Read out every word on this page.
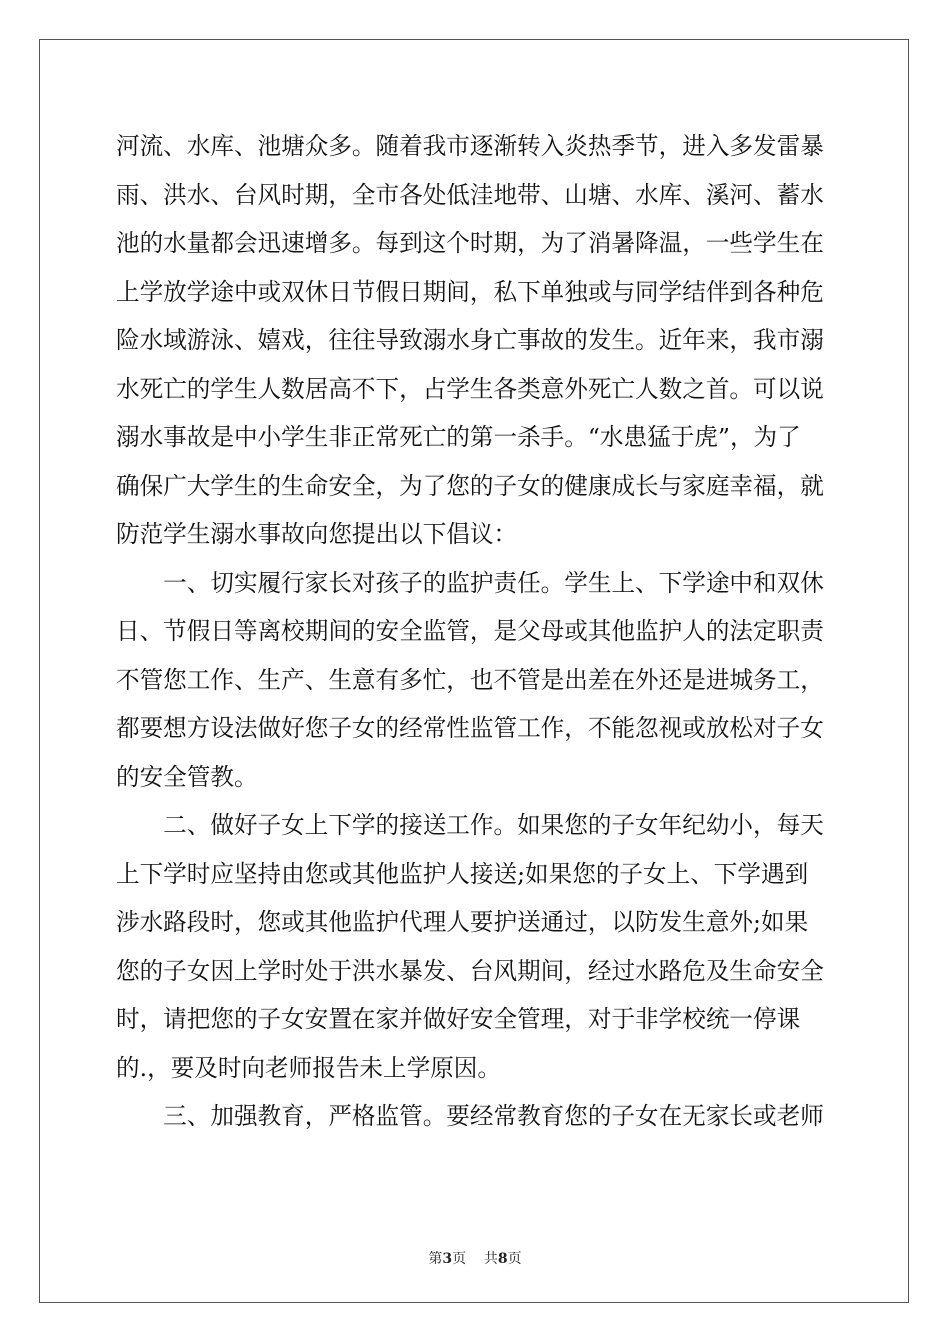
河流、水库、池塘众多。随着我市逐渐转入炎热季节，进入多发雷暴
雨、洪水、台风时期，全市各处低洼地带、山塘、水库、溪河、蓄水
池的水量都会迅速增多。每到这个时期，为了消暑降温，一些学生在
上学放学途中或双休日节假日期间，私下单独或与同学结伴到各种危
险水域游泳、嬉戏，往往导致溺水身亡事故的发生。近年来，我市溺
水死亡的学生人数居高不下，占学生各类意外死亡人数之首。可以说
溺水事故是中小学生非正常死亡的第一杀手。“水患猛于虎”，为了
确保广大学生的生命安全，为了您的子女的健康成长与家庭幸福，就
防范学生溺水事故向您提出以下倡议：
　　一、切实履行家长对孩子的监护责任。学生上、下学途中和双休
日、节假日等离校期间的安全监管，是父母或其他监护人的法定职责
不管您工作、生产、生意有多忙，也不管是出差在外还是进城务工，
都要想方设法做好您子女的经常性监管工作，不能忽视或放松对子女
的安全管教。
　　二、做好子女上下学的接送工作。如果您的子女年纪幼小，每天
上下学时应坚持由您或其他监护人接送;如果您的子女上、下学遇到
涉水路段时，您或其他监护代理人要护送通过，以防发生意外;如果
您的子女因上学时处于洪水暴发、台风期间，经过水路危及生命安全
时，请把您的子女安置在家并做好安全管理，对于非学校统一停课
的.，要及时向老师报告未上学原因。
　　三、加强教育，严格监管。要经常教育您的子女在无家长或老师
第3页 共8页
